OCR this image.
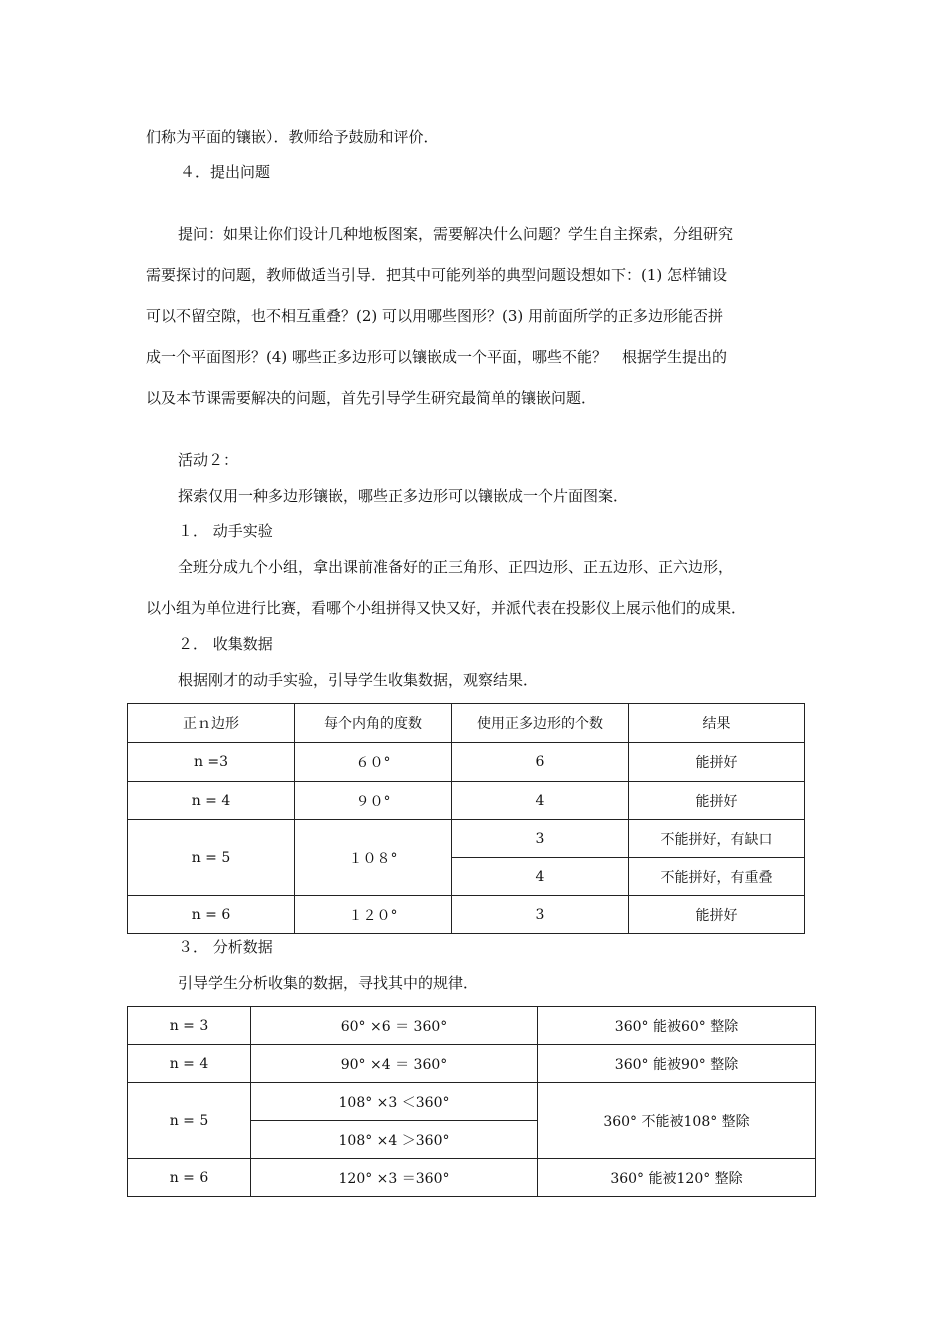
们称为平面的镶嵌）．教师给予鼓励和评价．
４．提出问题
提问：如果让你们设计几种地板图案，需要解决什么问题？学生自主探索，分组研究
需要探讨的问题，教师做适当引导．把其中可能列举的典型问题设想如下：(1) 怎样铺设
可以不留空隙，也不相互重叠？(2) 可以用哪些图形？(3) 用前面所学的正多边形能否拼
成一个平面图形？(4) 哪些正多边形可以镶嵌成一个平面，哪些不能？　根据学生提出的
以及本节课需要解决的问题，首先引导学生研究最简单的镶嵌问题．
活动２：
探索仅用一种多边形镶嵌，哪些正多边形可以镶嵌成一个片面图案．
１． 动手实验
全班分成九个小组，拿出课前准备好的正三角形、正四边形、正五边形、正六边形，
以小组为单位进行比赛，看哪个小组拼得又快又好，并派代表在投影仪上展示他们的成果．
２． 收集数据
根据刚才的动手实验，引导学生收集数据，观察结果．
正ｎ边形	每个内角的度数	使用正多边形的个数	结果
n =3	６０°	6	能拼好
n = 4	９０°	4	能拼好
n = 5	１０８°	3	不能拼好，有缺口
		4	不能拼好，有重叠
n = 6	１２０°	3	能拼好
３． 分析数据
引导学生分析收集的数据，寻找其中的规律．
n = 3	60° ×6 ＝ 360°	360° 能被60° 整除
n = 4	90° ×4 ＝ 360°	360° 能被90° 整除
n = 5	108° ×3 ＜360°	360° 不能被108° 整除
	108° ×4 ＞360°	
n = 6	120° ×3 ＝360°	360° 能被120° 整除
